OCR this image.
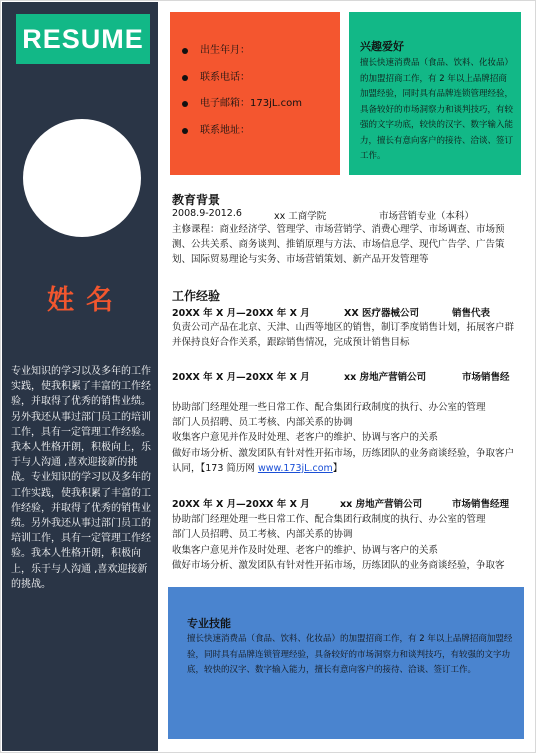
RESUME
姓名
专业知识的学习以及多年的工作实践，使我积累了丰富的工作经验，并取得了优秀的销售业绩。另外我还从事过部门员工的培训工作，具有一定管理工作经验。我本人性格开朗，积极向上，乐于与人沟通 ,喜欢迎接新的挑战。专业知识的学习以及多年的工作实践，使我积累了丰富的工作经验，并取得了优秀的销售业绩。另外我还从事过部门员工的培训工作，具有一定管理工作经验。我本人性格开朗，积极向上，乐于与人沟通 ,喜欢迎接新的挑战。
出生年月：
联系电话：
电子邮箱：173jL.com
联系地址：
兴趣爱好
擅长快速消费品（食品、饮料、化妆品）的加盟招商工作，有 2 年以上品牌招商加盟经验，同时具有品牌连锁管理经验，具备较好的市场洞察力和谈判技巧，有较强的文字功底，较快的汉字、数字输入能力，擅长有意向客户的接待、洽谈、签订工作。
教育背景
2008.9-2012.6	xx 工商学院	市场营销专业（本科）
主修课程：商业经济学、管理学、市场营销学、消费心理学、市场调查、市场预测、公共关系、商务谈判、推销原理与方法、市场信息学、现代广告学、广告策划、国际贸易理论与实务、市场营销策划、新产品开发管理等
工作经验
20XX 年 X 月—20XX 年 X 月	XX 医疗器械公司	销售代表
负责公司产品在北京、天津、山西等地区的销售，制订季度销售计划，拓展客户群并保持良好合作关系，跟踪销售情况，完成预计销售目标
20XX 年 X 月—20XX 年 X 月	xx 房地产营销公司	市场销售经
协助部门经理处理一些日常工作、配合集团行政制度的执行、办公室的管理
部门人员招聘、员工考核、内部关系的协调
收集客户意见并作及时处理、老客户的维护、协调与客户的关系
做好市场分析、激发团队有针对性开拓市场，历练团队的业务商谈经验，争取客户认同，【173 简历网 www.173jL.com】
20XX 年 X 月—20XX 年 X 月	xx 房地产营销公司	市场销售经理
协助部门经理处理一些日常工作、配合集团行政制度的执行、办公室的管理
部门人员招聘、员工考核、内部关系的协调
收集客户意见并作及时处理、老客户的维护、协调与客户的关系
做好市场分析、激发团队有针对性开拓市场，历练团队的业务商谈经验，争取客
专业技能
擅长快速消费品（食品、饮料、化妆品）的加盟招商工作，有 2 年以上品牌招商加盟经验，同时具有品牌连锁管理经验，具备较好的市场洞察力和谈判技巧，有较强的文字功底，较快的汉字、数字输入能力，擅长有意向客户的接待、洽谈、签订工作。
